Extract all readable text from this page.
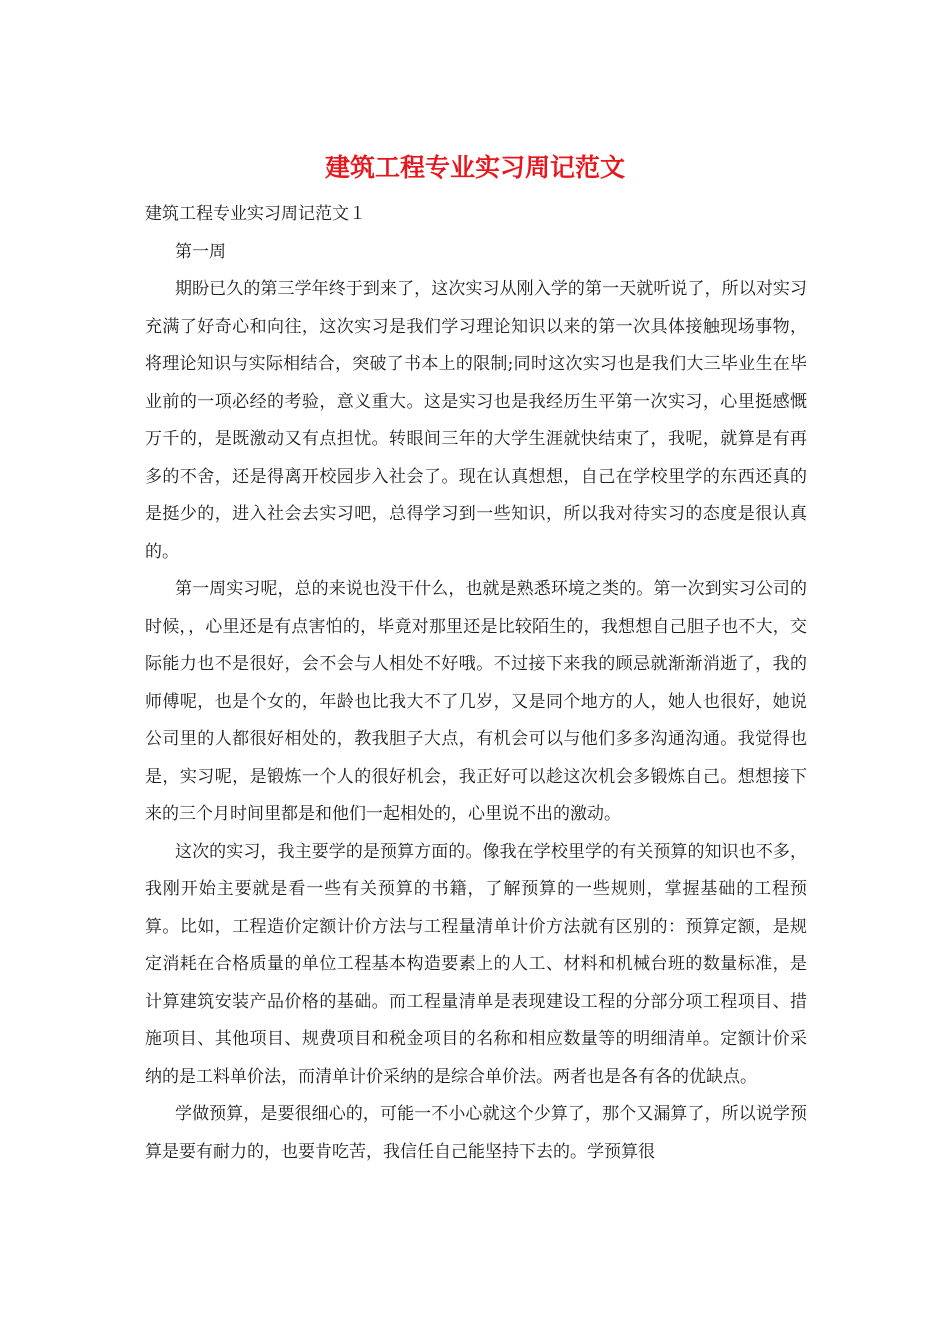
建筑工程专业实习周记范文

建筑工程专业实习周记范文１

第一周

期盼已久的第三学年终于到来了，这次实习从刚入学的第一天就听说了，所以对实习充满了好奇心和向往，这次实习是我们学习理论知识以来的第一次具体接触现场事物，将理论知识与实际相结合，突破了书本上的限制;同时这次实习也是我们大三毕业生在毕业前的一项必经的考验，意义重大。这是实习也是我经历生平第一次实习，心里挺感慨万千的，是既激动又有点担忧。转眼间三年的大学生涯就快结束了，我呢，就算是有再多的不舍，还是得离开校园步入社会了。现在认真想想，自己在学校里学的东西还真的是挺少的，进入社会去实习吧，总得学习到一些知识，所以我对待实习的态度是很认真的。

第一周实习呢，总的来说也没干什么，也就是熟悉环境之类的。第一次到实习公司的时候，，心里还是有点害怕的，毕竟对那里还是比较陌生的，我想想自己胆子也不大，交际能力也不是很好，会不会与人相处不好哦。不过接下来我的顾忌就渐渐消逝了，我的师傅呢，也是个女的，年龄也比我大不了几岁，又是同个地方的人，她人也很好，她说公司里的人都很好相处的，教我胆子大点，有机会可以与他们多多沟通沟通。我觉得也是，实习呢，是锻炼一个人的很好机会，我正好可以趁这次机会多锻炼自己。想想接下来的三个月时间里都是和他们一起相处的，心里说不出的激动。

这次的实习，我主要学的是预算方面的。像我在学校里学的有关预算的知识也不多，我刚开始主要就是看一些有关预算的书籍，了解预算的一些规则，掌握基础的工程预算。比如，工程造价定额计价方法与工程量清单计价方法就有区别的：预算定额，是规定消耗在合格质量的单位工程基本构造要素上的人工、材料和机械台班的数量标准，是计算建筑安装产品价格的基础。而工程量清单是表现建设工程的分部分项工程项目、措施项目、其他项目、规费项目和税金项目的名称和相应数量等的明细清单。定额计价采纳的是工料单价法，而清单计价采纳的是综合单价法。两者也是各有各的优缺点。

学做预算，是要很细心的，可能一不小心就这个少算了，那个又漏算了，所以说学预算是要有耐力的，也要肯吃苦，我信任自己能坚持下去的。学预算很
